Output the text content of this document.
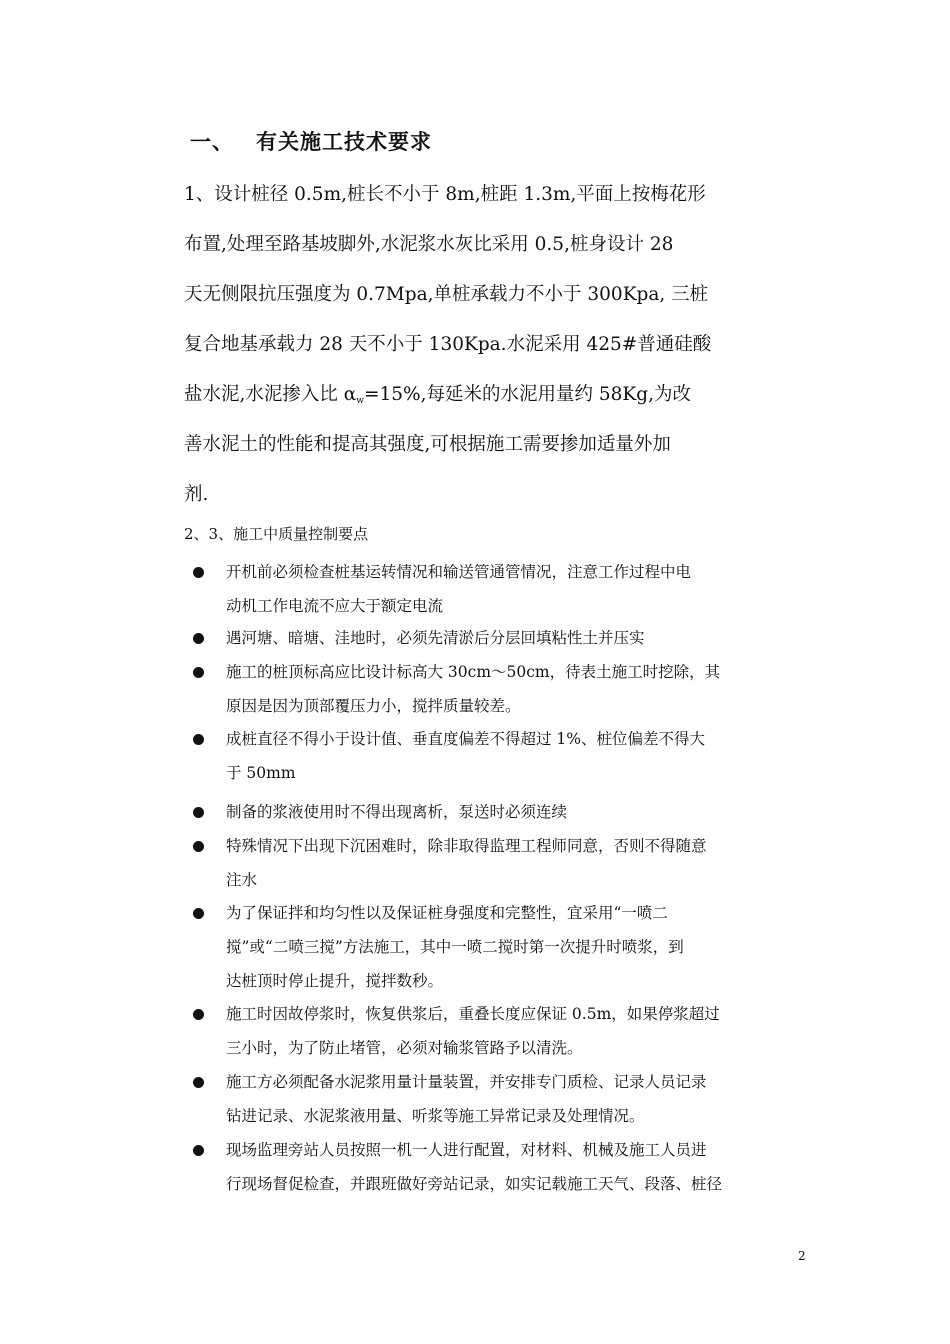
一、 有关施工技术要求
1、设计桩径 0.5m,桩长不小于 8m,桩距 1.3m,平面上按梅花形
布置,处理至路基坡脚外,水泥浆水灰比采用 0.5,桩身设计 28
天无侧限抗压强度为 0.7Mpa,单桩承载力不小于 300Kpa, 三桩
复合地基承载力 28 天不小于 130Kpa.水泥采用 425#普通硅酸
盐水泥,水泥掺入比 $\alpha_w=15\%$,每延米的水泥用量约 58Kg,为改
善水泥土的性能和提高其强度,可根据施工需要掺加适量外加
剂.
2、3、施工中质量控制要点
开机前必须检查桩基运转情况和输送管通管情况，注意工作过程中电
动机工作电流不应大于额定电流
遇河塘、暗塘、洼地时，必须先清淤后分层回填粘性土并压实
施工的桩顶标高应比设计标高大 30cm～50cm，待表土施工时挖除，其
原因是因为顶部覆压力小，搅拌质量较差。
成桩直径不得小于设计值、垂直度偏差不得超过 1%、桩位偏差不得大
于 50mm
制备的浆液使用时不得出现离析，泵送时必须连续
特殊情况下出现下沉困难时，除非取得监理工程师同意，否则不得随意
注水
为了保证拌和均匀性以及保证桩身强度和完整性，宜采用“一喷二
搅”或“二喷三搅”方法施工，其中一喷二搅时第一次提升时喷浆，到
达桩顶时停止提升，搅拌数秒。
施工时因故停浆时，恢复供浆后，重叠长度应保证 0.5m，如果停浆超过
三小时，为了防止堵管，必须对输浆管路予以清洗。
施工方必须配备水泥浆用量计量装置，并安排专门质检、记录人员记录
钻进记录、水泥浆液用量、听浆等施工异常记录及处理情况。
现场监理旁站人员按照一机一人进行配置，对材料、机械及施工人员进
行现场督促检查，并跟班做好旁站记录，如实记载施工天气、段落、桩径
2
